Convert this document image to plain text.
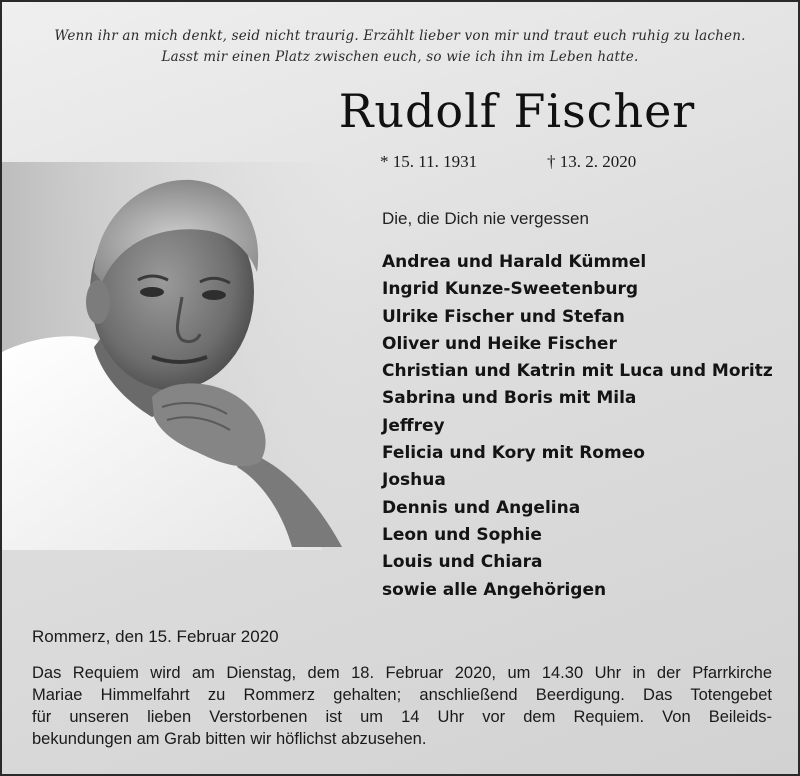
Wenn ihr an mich denkt, seid nicht traurig. Erzählt lieber von mir und traut euch ruhig zu lachen.
Lasst mir einen Platz zwischen euch, so wie ich ihn im Leben hatte.
Rudolf Fischer
* 15. 11. 1931	† 13. 2. 2020
Die, die Dich nie vergessen
Andrea und Harald Kümmel
Ingrid Kunze-Sweetenburg
Ulrike Fischer und Stefan
Oliver und Heike Fischer
Christian und Katrin mit Luca und Moritz
Sabrina und Boris mit Mila
Jeffrey
Felicia und Kory mit Romeo
Joshua
Dennis und Angelina
Leon und Sophie
Louis und Chiara
sowie alle Angehörigen
Rommerz, den 15. Februar 2020
Das Requiem wird am Dienstag, dem 18. Februar 2020, um 14.30 Uhr in der Pfarrkirche
Mariae Himmelfahrt zu Rommerz gehalten; anschließend Beerdigung. Das Totengebet
für unseren lieben Verstorbenen ist um 14 Uhr vor dem Requiem. Von Beileids-
bekundungen am Grab bitten wir höflichst abzusehen.
